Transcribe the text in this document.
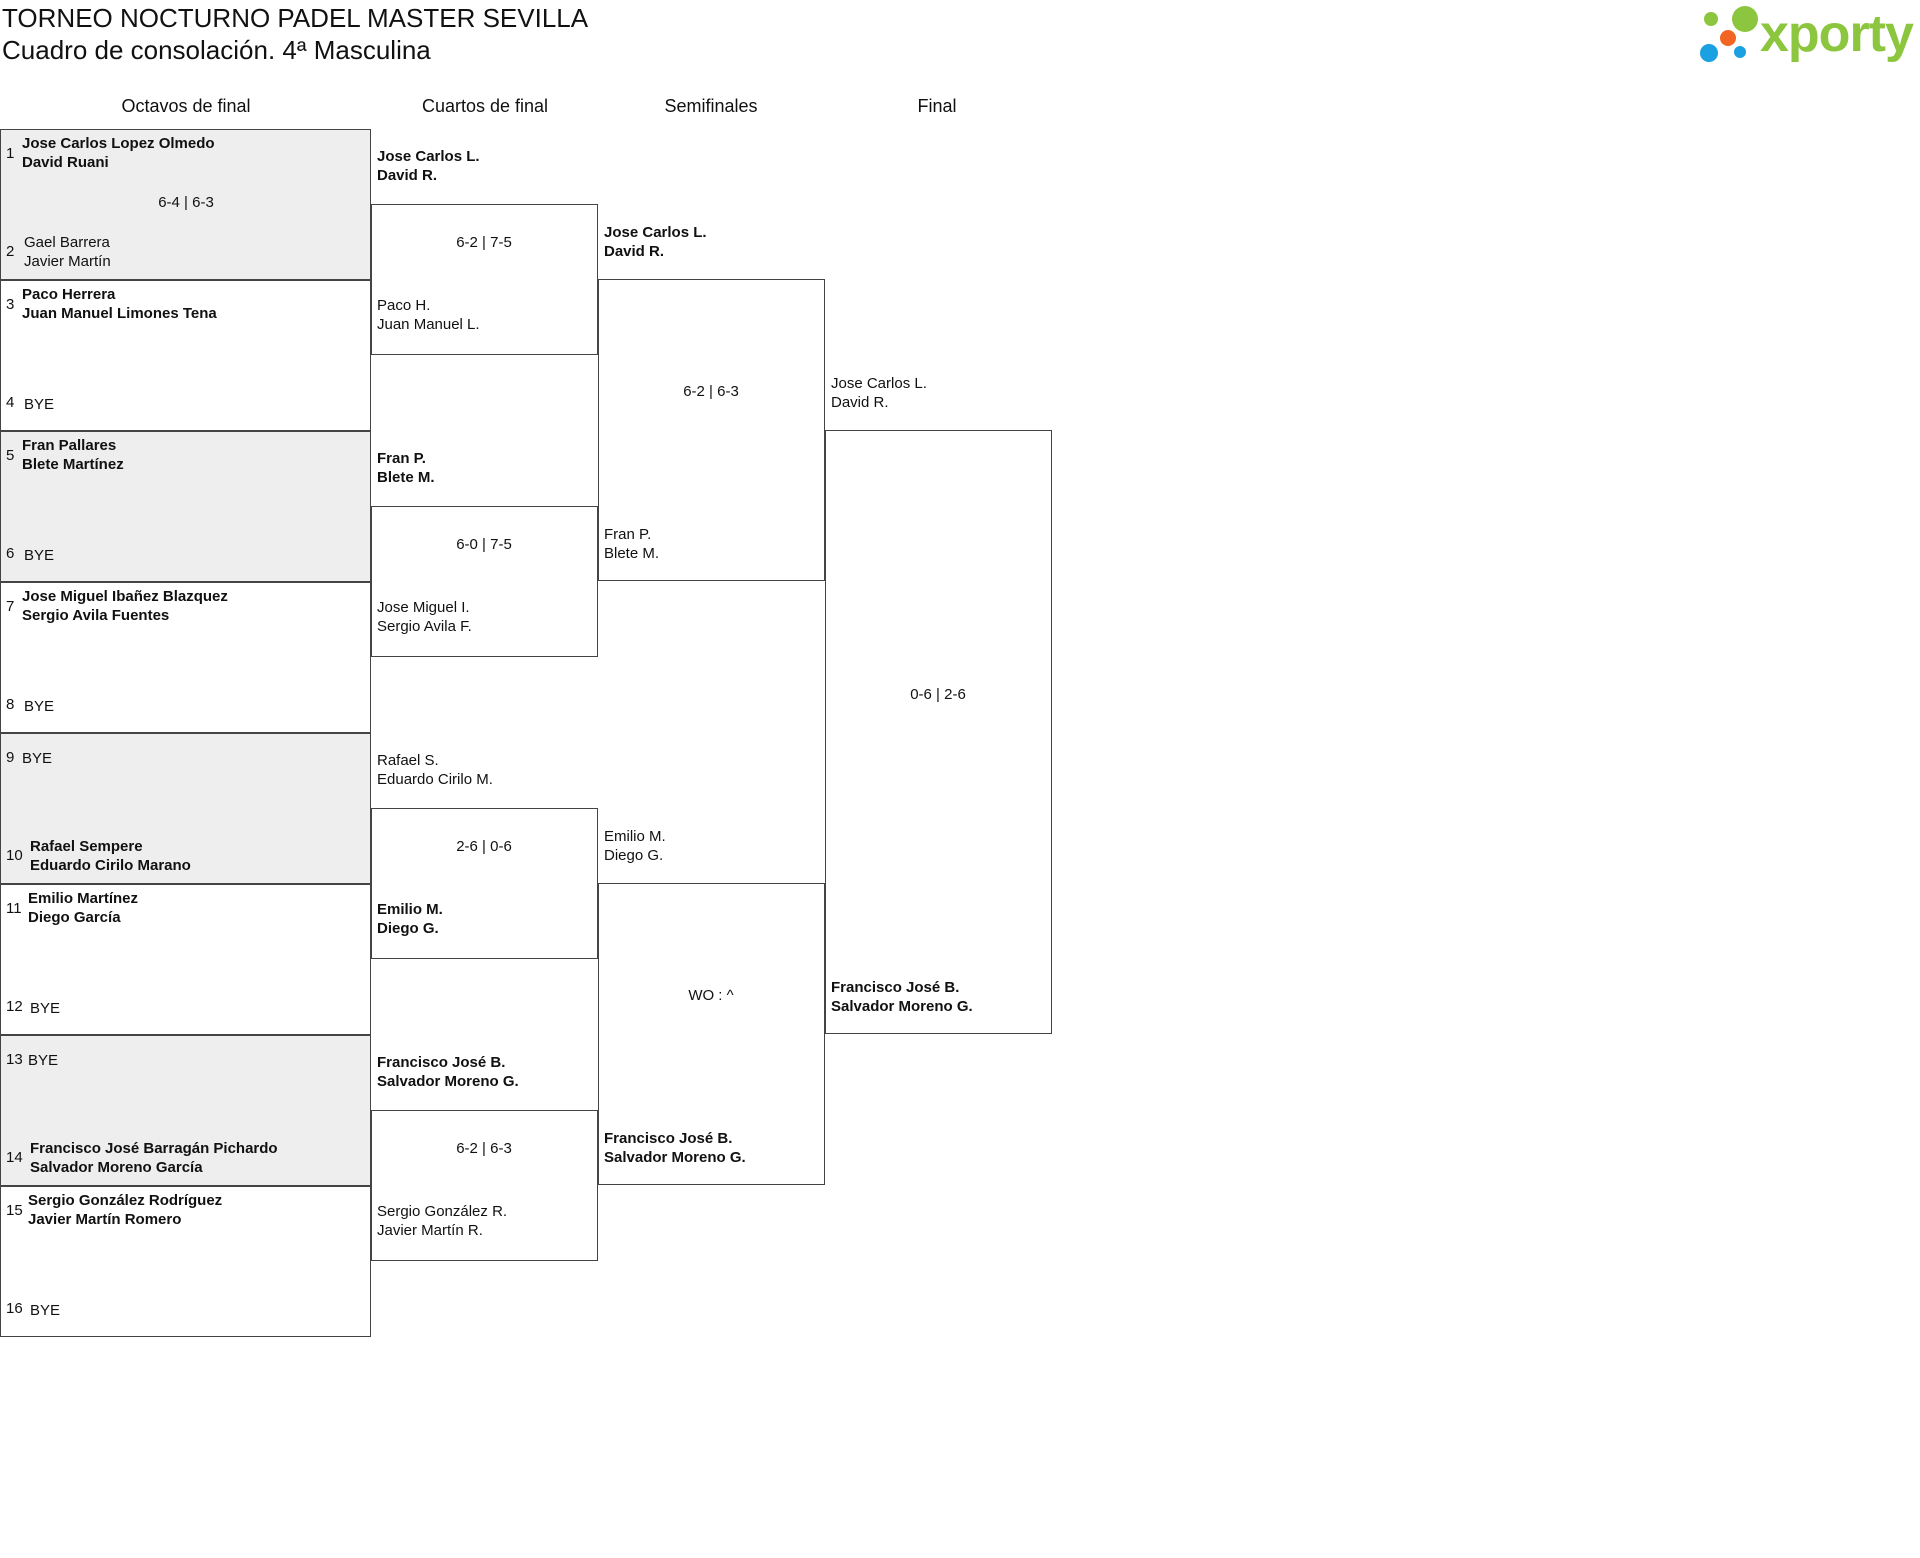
TORNEO NOCTURNO PADEL MASTER SEVILLA
Cuadro de consolación. 4ª Masculina	xporty
Octavos de final	Cuartos de final	Semifinales	Final
1
2
Jose Carlos Lopez Olmedo
David Ruani
Gael Barrera
Javier Martín
6-4 | 6-3
3
4
Paco Herrera
Juan Manuel Limones Tena
BYE
5
6
Fran Pallares
Blete Martínez
BYE
7
8
Jose Miguel Ibañez Blazquez
Sergio Avila Fuentes
BYE
9
10
BYE
Rafael Sempere
Eduardo Cirilo Marano
11
12
Emilio Martínez
Diego García
BYE
13
14
BYE
Francisco José Barragán Pichardo
Salvador Moreno García
15
16
Sergio González Rodríguez
Javier Martín Romero
BYE
Jose Carlos L.
David R.
Paco H.
Juan Manuel L.
6-2 | 7-5
Fran P.
Blete M.
Jose Miguel I.
Sergio Avila F.
6-0 | 7-5
Rafael S.
Eduardo Cirilo M.
Emilio M.
Diego G.
2-6 | 0-6
Francisco José B.
Salvador Moreno G.
Sergio González R.
Javier Martín R.
6-2 | 6-3
Jose Carlos L.
David R.
Fran P.
Blete M.
6-2 | 6-3
Emilio M.
Diego G.
Francisco José B.
Salvador Moreno G.
WO : ^
Jose Carlos L.
David R.
Francisco José B.
Salvador Moreno G.
0-6 | 2-6
